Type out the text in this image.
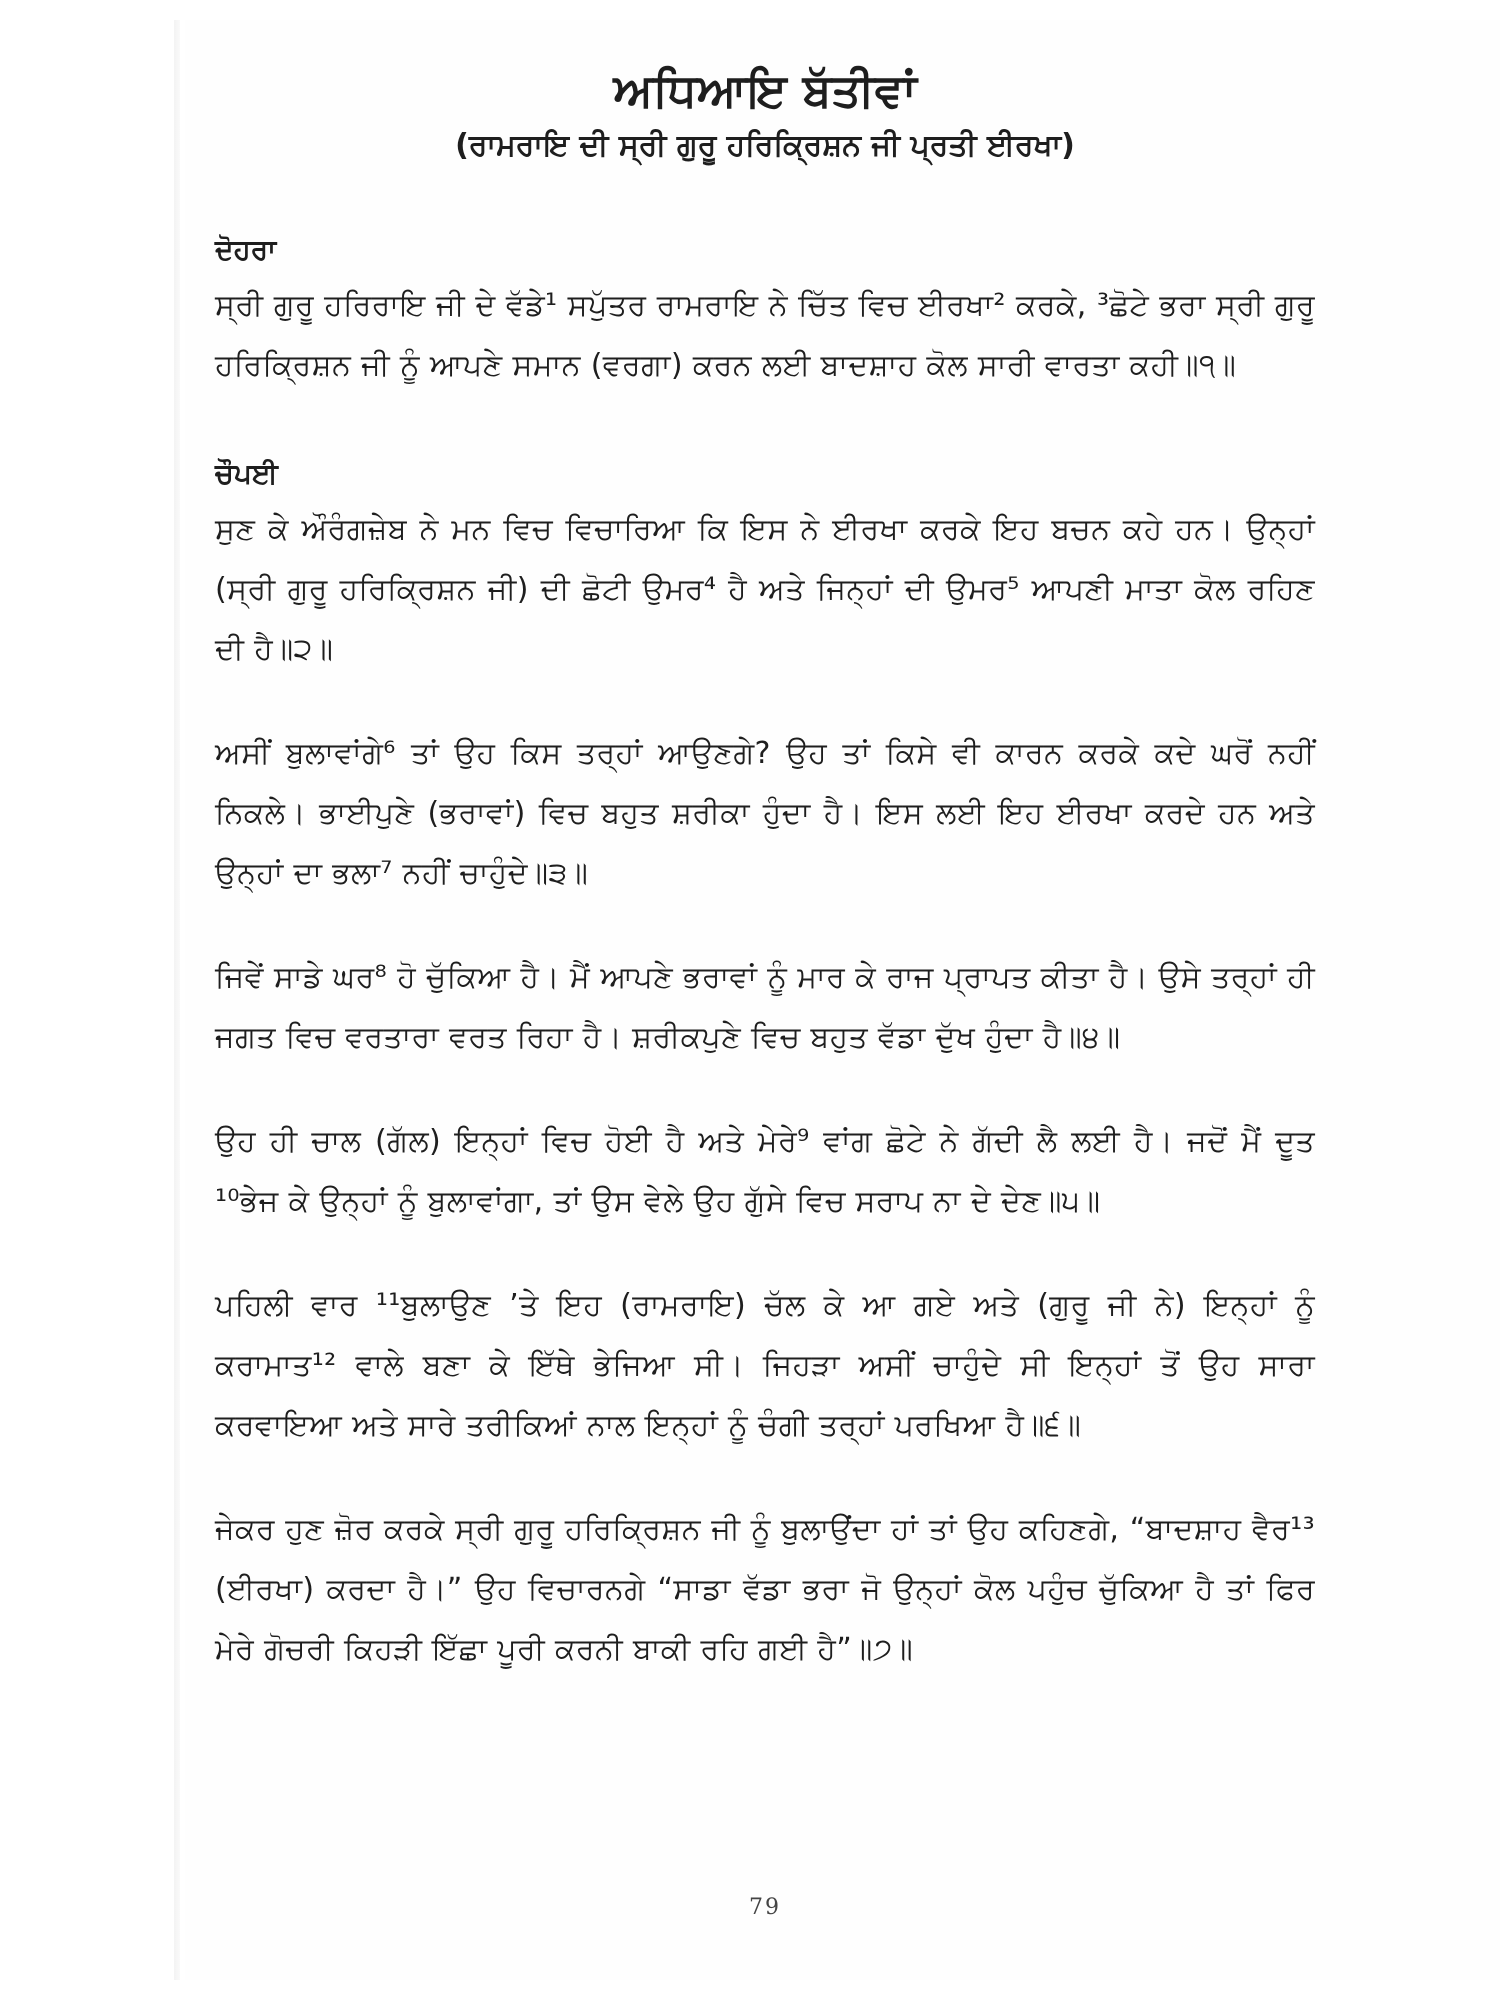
ਅਧਿਆਇ ਬੱਤੀਵਾਂ
(ਰਾਮਰਾਇ ਦੀ ਸ੍ਰੀ ਗੁਰੂ ਹਰਿਕ੍ਰਿਸ਼ਨ ਜੀ ਪ੍ਰਤੀ ਈਰਖਾ)
ਦੋਹਰਾ

ਸ੍ਰੀ ਗੁਰੂ ਹਰਿਰਾਇ ਜੀ ਦੇ ਵੱਡੇ¹ ਸਪੁੱਤਰ ਰਾਮਰਾਇ ਨੇ ਚਿੱਤ ਵਿਚ ਈਰਖਾ² ਕਰਕੇ, ³ਛੋਟੇ ਭਰਾ ਸ੍ਰੀ ਗੁਰੂ ਹਰਿਕ੍ਰਿਸ਼ਨ ਜੀ ਨੂੰ ਆਪਣੇ ਸਮਾਨ (ਵਰਗਾ) ਕਰਨ ਲਈ ਬਾਦਸ਼ਾਹ ਕੋਲ ਸਾਰੀ ਵਾਰਤਾ ਕਹੀ॥੧॥

ਚੌਪਈ

ਸੁਣ ਕੇ ਔਰੰਗਜ਼ੇਬ ਨੇ ਮਨ ਵਿਚ ਵਿਚਾਰਿਆ ਕਿ ਇਸ ਨੇ ਈਰਖਾ ਕਰਕੇ ਇਹ ਬਚਨ ਕਹੇ ਹਨ। ਉਨ੍ਹਾਂ (ਸ੍ਰੀ ਗੁਰੂ ਹਰਿਕ੍ਰਿਸ਼ਨ ਜੀ) ਦੀ ਛੋਟੀ ਉਮਰ⁴ ਹੈ ਅਤੇ ਜਿਨ੍ਹਾਂ ਦੀ ਉਮਰ⁵ ਆਪਣੀ ਮਾਤਾ ਕੋਲ ਰਹਿਣ ਦੀ ਹੈ॥੨॥

ਅਸੀਂ ਬੁਲਾਵਾਂਗੇ⁶ ਤਾਂ ਉਹ ਕਿਸ ਤਰ੍ਹਾਂ ਆਉਣਗੇ? ਉਹ ਤਾਂ ਕਿਸੇ ਵੀ ਕਾਰਨ ਕਰਕੇ ਕਦੇ ਘਰੋਂ ਨਹੀਂ ਨਿਕਲੇ। ਭਾਈਪੁਣੇ (ਭਰਾਵਾਂ) ਵਿਚ ਬਹੁਤ ਸ਼ਰੀਕਾ ਹੁੰਦਾ ਹੈ। ਇਸ ਲਈ ਇਹ ਈਰਖਾ ਕਰਦੇ ਹਨ ਅਤੇ ਉਨ੍ਹਾਂ ਦਾ ਭਲਾ⁷ ਨਹੀਂ ਚਾਹੁੰਦੇ॥੩॥

ਜਿਵੇਂ ਸਾਡੇ ਘਰ⁸ ਹੋ ਚੁੱਕਿਆ ਹੈ। ਮੈਂ ਆਪਣੇ ਭਰਾਵਾਂ ਨੂੰ ਮਾਰ ਕੇ ਰਾਜ ਪ੍ਰਾਪਤ ਕੀਤਾ ਹੈ। ਉਸੇ ਤਰ੍ਹਾਂ ਹੀ ਜਗਤ ਵਿਚ ਵਰਤਾਰਾ ਵਰਤ ਰਿਹਾ ਹੈ। ਸ਼ਰੀਕਪੁਣੇ ਵਿਚ ਬਹੁਤ ਵੱਡਾ ਦੁੱਖ ਹੁੰਦਾ ਹੈ॥੪॥

ਉਹ ਹੀ ਚਾਲ (ਗੱਲ) ਇਨ੍ਹਾਂ ਵਿਚ ਹੋਈ ਹੈ ਅਤੇ ਮੇਰੇ⁹ ਵਾਂਗ ਛੋਟੇ ਨੇ ਗੱਦੀ ਲੈ ਲਈ ਹੈ। ਜਦੋਂ ਮੈਂ ਦੂਤ ¹⁰ਭੇਜ ਕੇ ਉਨ੍ਹਾਂ ਨੂੰ ਬੁਲਾਵਾਂਗਾ, ਤਾਂ ਉਸ ਵੇਲੇ ਉਹ ਗੁੱਸੇ ਵਿਚ ਸਰਾਪ ਨਾ ਦੇ ਦੇਣ॥੫॥

ਪਹਿਲੀ ਵਾਰ ¹¹ਬੁਲਾਉਣ ’ਤੇ ਇਹ (ਰਾਮਰਾਇ) ਚੱਲ ਕੇ ਆ ਗਏ ਅਤੇ (ਗੁਰੂ ਜੀ ਨੇ) ਇਨ੍ਹਾਂ ਨੂੰ ਕਰਾਮਾਤ¹² ਵਾਲੇ ਬਣਾ ਕੇ ਇੱਥੇ ਭੇਜਿਆ ਸੀ। ਜਿਹੜਾ ਅਸੀਂ ਚਾਹੁੰਦੇ ਸੀ ਇਨ੍ਹਾਂ ਤੋਂ ਉਹ ਸਾਰਾ ਕਰਵਾਇਆ ਅਤੇ ਸਾਰੇ ਤਰੀਕਿਆਂ ਨਾਲ ਇਨ੍ਹਾਂ ਨੂੰ ਚੰਗੀ ਤਰ੍ਹਾਂ ਪਰਖਿਆ ਹੈ॥੬॥

ਜੇਕਰ ਹੁਣ ਜ਼ੋਰ ਕਰਕੇ ਸ੍ਰੀ ਗੁਰੂ ਹਰਿਕ੍ਰਿਸ਼ਨ ਜੀ ਨੂੰ ਬੁਲਾਉਂਦਾ ਹਾਂ ਤਾਂ ਉਹ ਕਹਿਣਗੇ, “ਬਾਦਸ਼ਾਹ ਵੈਰ¹³ (ਈਰਖਾ) ਕਰਦਾ ਹੈ।” ਉਹ ਵਿਚਾਰਨਗੇ “ਸਾਡਾ ਵੱਡਾ ਭਰਾ ਜੋ ਉਨ੍ਹਾਂ ਕੋਲ ਪਹੁੰਚ ਚੁੱਕਿਆ ਹੈ ਤਾਂ ਫਿਰ ਮੇਰੇ ਗੋਚਰੀ ਕਿਹੜੀ ਇੱਛਾ ਪੂਰੀ ਕਰਨੀ ਬਾਕੀ ਰਹਿ ਗਈ ਹੈ”॥੭॥

79
